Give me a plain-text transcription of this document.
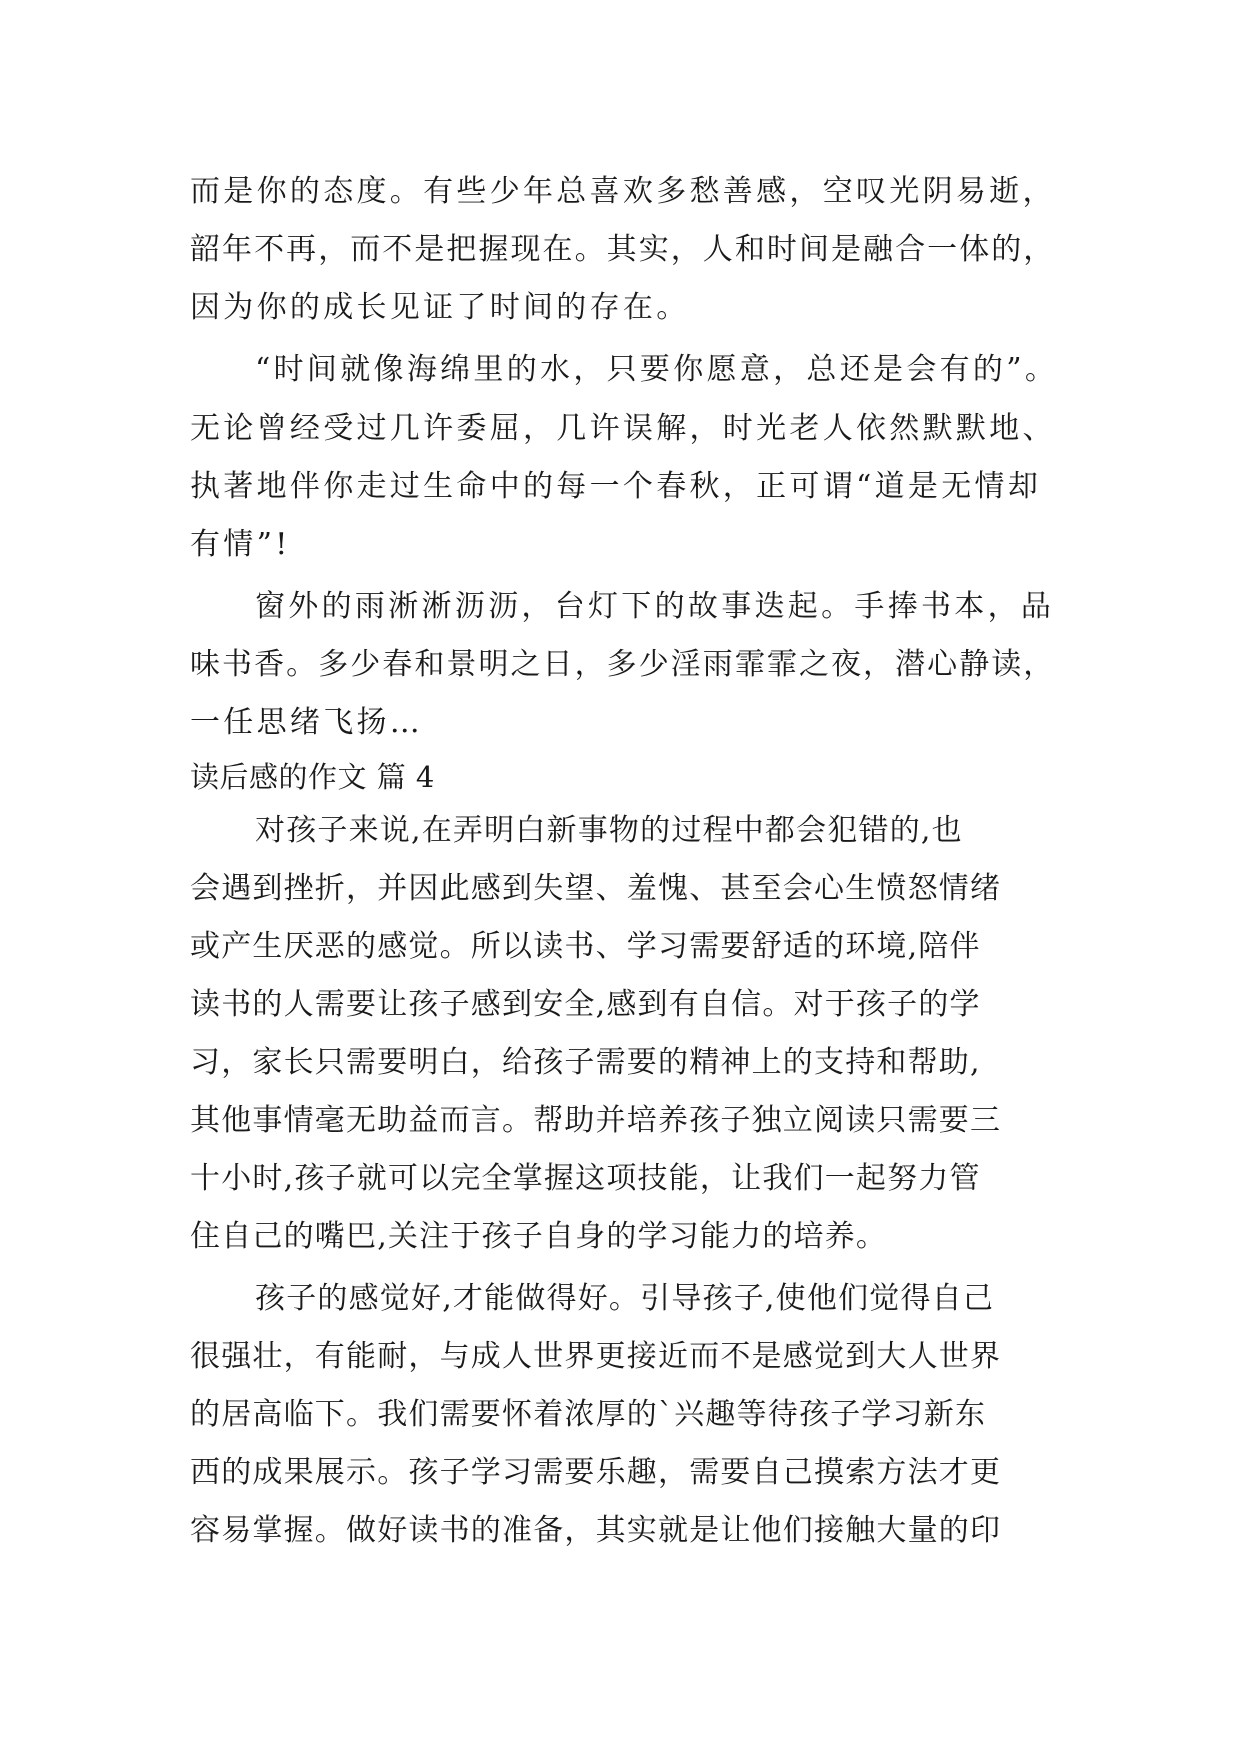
而是你的态度。有些少年总喜欢多愁善感，空叹光阴易逝，
韶年不再，而不是把握现在。其实，人和时间是融合一体的，
因为你的成长见证了时间的存在。
“时间就像海绵里的水，只要你愿意，总还是会有的”。
无论曾经受过几许委屈，几许误解，时光老人依然默默地、
执著地伴你走过生命中的每一个春秋，正可谓“道是无情却
有情”!
窗外的雨淅淅沥沥，台灯下的故事迭起。手捧书本，品
味书香。多少春和景明之日，多少淫雨霏霏之夜，潜心静读，
一任思绪飞扬…
读后感的作文 篇 4
对孩子来说,在弄明白新事物的过程中都会犯错的,也
会遇到挫折，并因此感到失望、羞愧、甚至会心生愤怒情绪
或产生厌恶的感觉。所以读书、学习需要舒适的环境,陪伴
读书的人需要让孩子感到安全,感到有自信。对于孩子的学
习，家长只需要明白，给孩子需要的精神上的支持和帮助,
其他事情毫无助益而言。帮助并培养孩子独立阅读只需要三
十小时,孩子就可以完全掌握这项技能，让我们一起努力管
住自己的嘴巴,关注于孩子自身的学习能力的培养。
孩子的感觉好,才能做得好。引导孩子,使他们觉得自己
很强壮，有能耐，与成人世界更接近而不是感觉到大人世界
的居高临下。我们需要怀着浓厚的`兴趣等待孩子学习新东
西的成果展示。孩子学习需要乐趣，需要自己摸索方法才更
容易掌握。做好读书的准备，其实就是让他们接触大量的印
